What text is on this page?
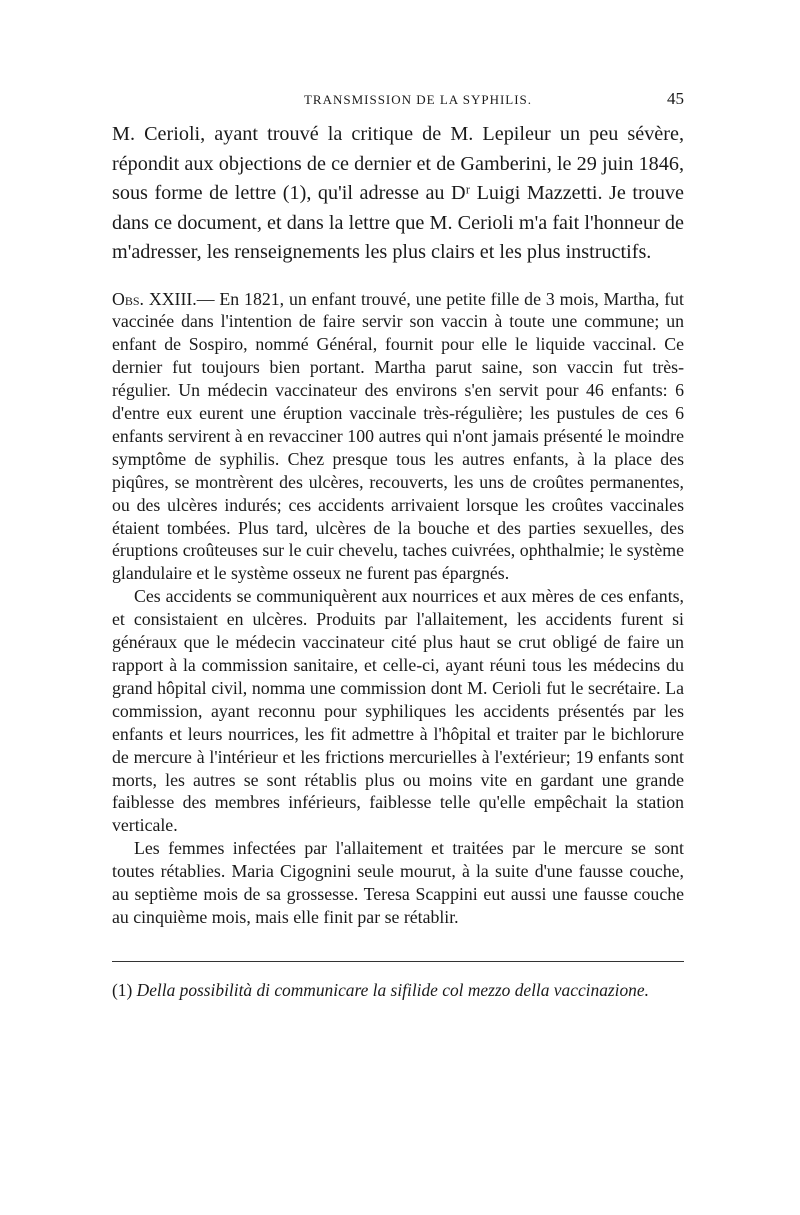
TRANSMISSION DE LA SYPHILIS.	45

M. Cerioli, ayant trouvé la critique de M. Lepileur un peu sévère, répondit aux objections de ce dernier et de Gamberini, le 29 juin 1846, sous forme de lettre (1), qu'il adresse au Dʳ Luigi Mazzetti. Je trouve dans ce document, et dans la lettre que M. Cerioli m'a fait l'honneur de m'adresser, les renseignements les plus clairs et les plus instructifs.

Obs. XXIII.— En 1821, un enfant trouvé, une petite fille de 3 mois, Martha, fut vaccinée dans l'intention de faire servir son vaccin à toute une commune; un enfant de Sospiro, nommé Général, fournit pour elle le liquide vaccinal. Ce dernier fut toujours bien portant. Martha parut saine, son vaccin fut très-régulier. Un médecin vaccinateur des environs s'en servit pour 46 enfants: 6 d'entre eux eurent une éruption vaccinale très-régulière; les pustules de ces 6 enfants servirent à en revacciner 100 autres qui n'ont jamais présenté le moindre symptôme de syphilis. Chez presque tous les autres enfants, à la place des piqûres, se montrèrent des ulcères, recouverts, les uns de croûtes permanentes, ou des ulcères indurés; ces accidents arrivaient lorsque les croûtes vaccinales étaient tombées. Plus tard, ulcères de la bouche et des parties sexuelles, des éruptions croûteuses sur le cuir chevelu, taches cuivrées, ophthalmie; le système glandulaire et le système osseux ne furent pas épargnés.

Ces accidents se communiquèrent aux nourrices et aux mères de ces enfants, et consistaient en ulcères. Produits par l'allaitement, les accidents furent si généraux que le médecin vaccinateur cité plus haut se crut obligé de faire un rapport à la commission sanitaire, et celle-ci, ayant réuni tous les médecins du grand hôpital civil, nomma une commission dont M. Cerioli fut le secrétaire. La commission, ayant reconnu pour syphiliques les accidents présentés par les enfants et leurs nourrices, les fit admettre à l'hôpital et traiter par le bichlorure de mercure à l'intérieur et les frictions mercurielles à l'extérieur; 19 enfants sont morts, les autres se sont rétablis plus ou moins vite en gardant une grande faiblesse des membres inférieurs, faiblesse telle qu'elle empêchait la station verticale.

Les femmes infectées par l'allaitement et traitées par le mercure se sont toutes rétablies. Maria Cigognini seule mourut, à la suite d'une fausse couche, au septième mois de sa grossesse. Teresa Scappini eut aussi une fausse couche au cinquième mois, mais elle finit par se rétablir.

(1) Della possibilità di communicare la sifilide col mezzo della vaccinazione.
